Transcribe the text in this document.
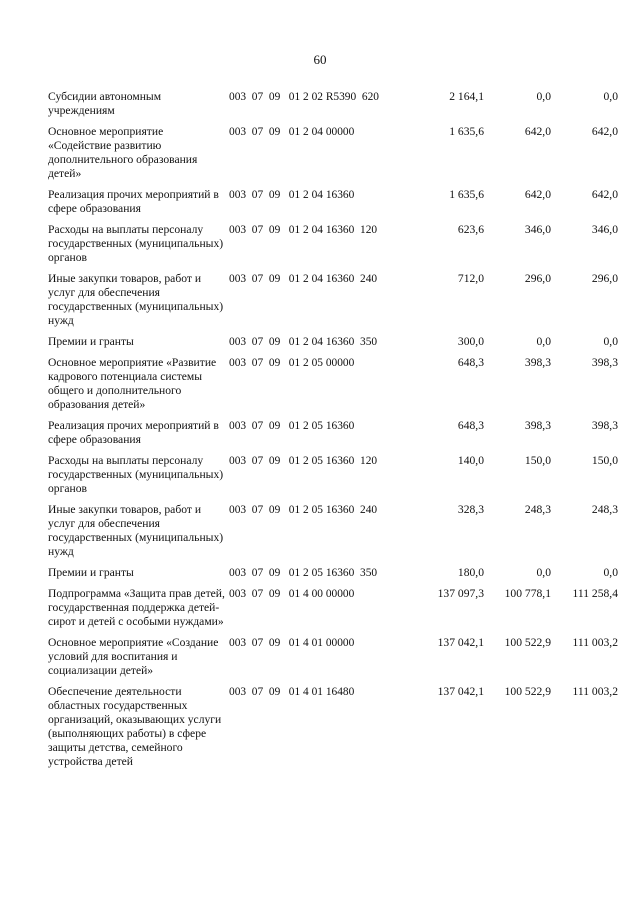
60
Субсидии автономным учреждениям	003  07  09   01 2 02 R5390  620	2 164,1	0,0	0,0
Основное мероприятие «Содействие развитию дополнительного образования детей»	003  07  09   01 2 04 00000	1 635,6	642,0	642,0
Реализация прочих мероприятий в сфере образования	003  07  09   01 2 04 16360	1 635,6	642,0	642,0
Расходы на выплаты персоналу государственных (муниципальных) органов	003  07  09   01 2 04 16360  120	623,6	346,0	346,0
Иные закупки товаров, работ и услуг для обеспечения государственных (муниципальных) нужд	003  07  09   01 2 04 16360  240	712,0	296,0	296,0
Премии и гранты	003  07  09   01 2 04 16360  350	300,0	0,0	0,0
Основное мероприятие «Развитие кадрового потенциала системы общего и дополнительного образования детей»	003  07  09   01 2 05 00000	648,3	398,3	398,3
Реализация прочих мероприятий в сфере образования	003  07  09   01 2 05 16360	648,3	398,3	398,3
Расходы на выплаты персоналу государственных (муниципальных) органов	003  07  09   01 2 05 16360  120	140,0	150,0	150,0
Иные закупки товаров, работ и услуг для обеспечения государственных (муниципальных) нужд	003  07  09   01 2 05 16360  240	328,3	248,3	248,3
Премии и гранты	003  07  09   01 2 05 16360  350	180,0	0,0	0,0
Подпрограмма «Защита прав детей, государственная поддержка детей-сирот и детей с особыми нуждами»	003  07  09   01 4 00 00000	137 097,3	100 778,1	111 258,4
Основное мероприятие «Создание условий для воспитания и социализации детей»	003  07  09   01 4 01 00000	137 042,1	100 522,9	111 003,2
Обеспечение деятельности областных государственных организаций, оказывающих услуги (выполняющих работы) в сфере защиты детства, семейного устройства детей	003  07  09   01 4 01 16480	137 042,1	100 522,9	111 003,2
